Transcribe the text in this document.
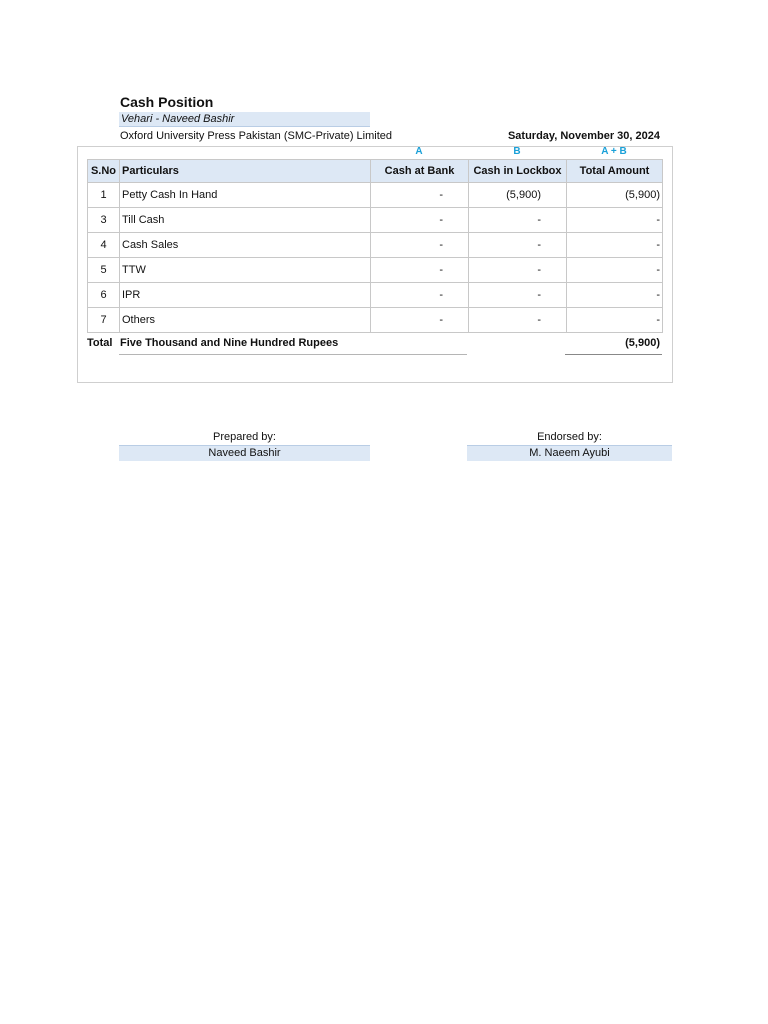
Cash Position
Vehari - Naveed Bashir
Oxford University Press Pakistan (SMC-Private) Limited	Saturday, November 30, 2024
A	B	A + B
S.No	Particulars	Cash at Bank	Cash in Lockbox	Total Amount
1	Petty Cash In Hand	-	(5,900)	(5,900)
3	Till Cash	-	-	-
4	Cash Sales	-	-	-
5	TTW	-	-	-
6	IPR	-	-	-
7	Others	-	-	-
Total Five Thousand and Nine Hundred Rupees	(5,900)
Prepared by:
Naveed Bashir
Endorsed by:
M. Naeem Ayubi
